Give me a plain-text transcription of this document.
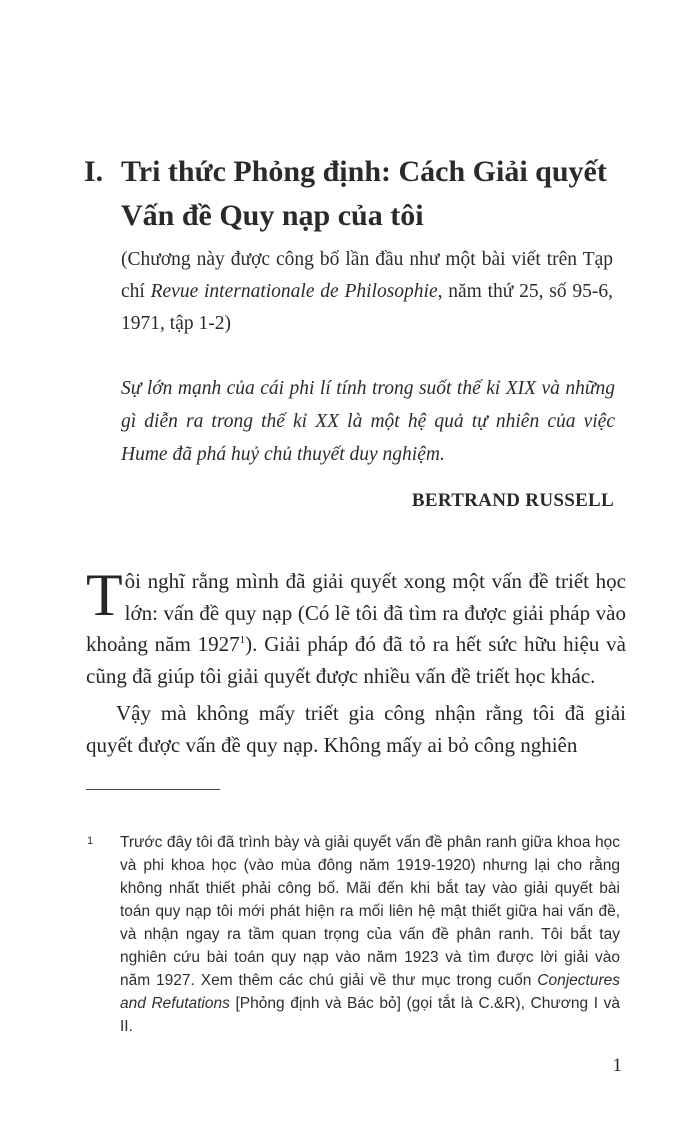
I. Tri thức Phỏng định: Cách Giải quyết Vấn đề Quy nạp của tôi
(Chương này được công bố lần đầu như một bài viết trên Tạp chí Revue internationale de Philosophie, năm thứ 25, số 95-6, 1971, tập 1-2)
Sự lớn mạnh của cái phi lí tính trong suốt thế kỉ XIX và những gì diễn ra trong thế kỉ XX là một hệ quả tự nhiên của việc Hume đã phá huỷ chủ thuyết duy nghiệm.
BERTRAND RUSSELL

Tôi nghĩ rằng mình đã giải quyết xong một vấn đề triết học lớn: vấn đề quy nạp (Có lẽ tôi đã tìm ra được giải pháp vào khoảng năm 1927$^1$). Giải pháp đó đã tỏ ra hết sức hữu hiệu và cũng đã giúp tôi giải quyết được nhiều vấn đề triết học khác.

Vậy mà không mấy triết gia công nhận rằng tôi đã giải quyết được vấn đề quy nạp. Không mấy ai bỏ công nghiên

1 Trước đây tôi đã trình bày và giải quyết vấn đề phân ranh giữa khoa học và phi khoa học (vào mùa đông năm 1919-1920) nhưng lại cho rằng không nhất thiết phải công bố. Mãi đến khi bắt tay vào giải quyết bài toán quy nạp tôi mới phát hiện ra mối liên hệ mật thiết giữa hai vấn đề, và nhận ngay ra tầm quan trọng của vấn đề phân ranh. Tôi bắt tay nghiên cứu bài toán quy nạp vào năm 1923 và tìm được lời giải vào năm 1927. Xem thêm các chú giải về thư mục trong cuốn Conjectures and Refutations [Phỏng định và Bác bỏ] (gọi tắt là C.&R), Chương I và II.
1
